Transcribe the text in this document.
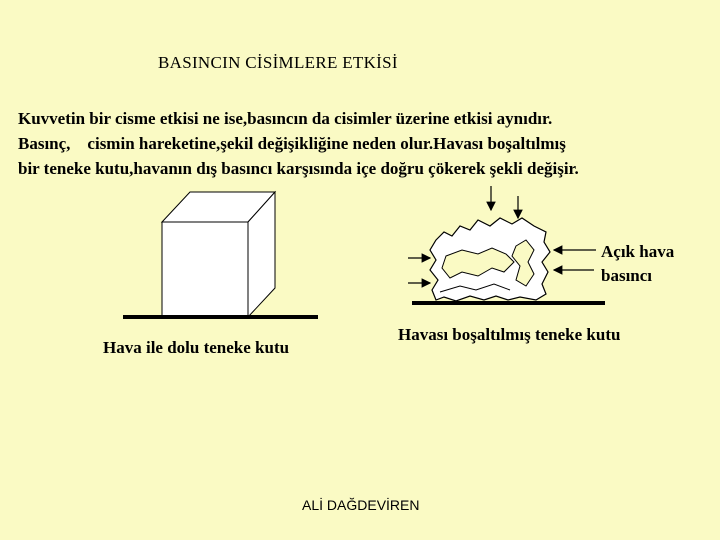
BASINCIN CİSİMLERE ETKİSİ
Kuvvetin bir cisme etkisi ne ise,basıncın da cisimler üzerine etkisi aynıdır.
Basınç,    cismin hareketine,şekil değişikliğine neden olur.Havası boşaltılmış
bir teneke kutu,havanın dış basıncı karşısında içe doğru çökerek şekli değişir.
Açık hava
basıncı
Hava ile dolu teneke kutu
Havası boşaltılmış teneke kutu
ALİ DAĞDEVİREN
